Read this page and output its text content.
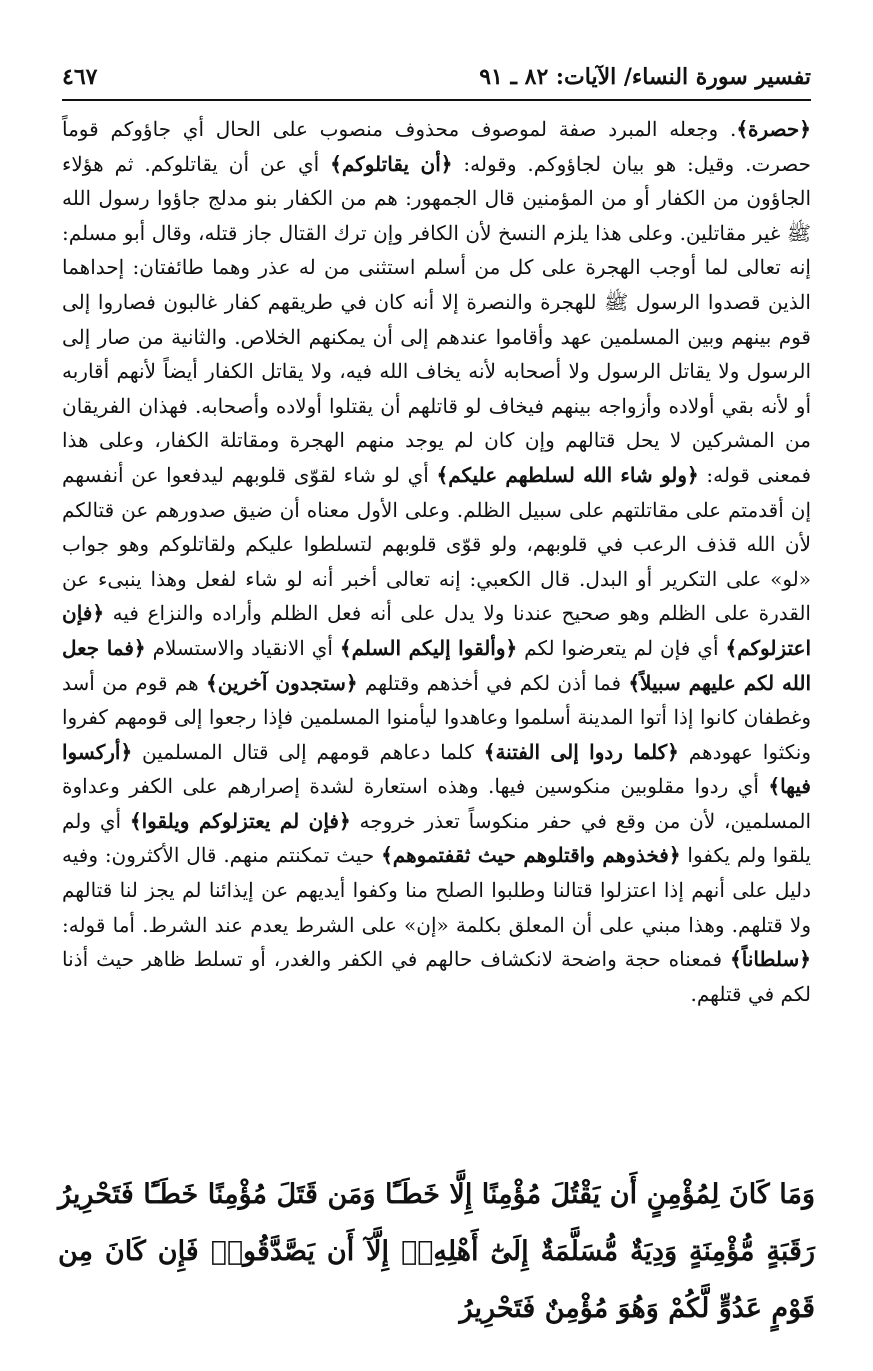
تفسير سورة النساء/ الآيات: ٨٢ ـ ٩١
٤٦٧

﴿حصرة﴾. وجعله المبرد صفة لموصوف محذوف منصوب على الحال أي جاؤوكم قوماً حصرت. وقيل: هو بيان لجاؤوكم. وقوله: ﴿أن يقاتلوكم﴾ أي عن أن يقاتلوكم. ثم هؤلاء الجاؤون من الكفار أو من المؤمنين قال الجمهور: هم من الكفار بنو مدلج جاؤوا رسول الله ﷺ غير مقاتلين. وعلى هذا يلزم النسخ لأن الكافر وإن ترك القتال جاز قتله، وقال أبو مسلم: إنه تعالى لما أوجب الهجرة على كل من أسلم استثنى من له عذر وهما طائفتان: إحداهما الذين قصدوا الرسول ﷺ للهجرة والنصرة إلا أنه كان في طريقهم كفار غالبون فصاروا إلى قوم بينهم وبين المسلمين عهد وأقاموا عندهم إلى أن يمكنهم الخلاص. والثانية من صار إلى الرسول ولا يقاتل الرسول ولا أصحابه لأنه يخاف الله فيه، ولا يقاتل الكفار أيضاً لأنهم أقاربه أو لأنه بقي أولاده وأزواجه بينهم فيخاف لو قاتلهم أن يقتلوا أولاده وأصحابه. فهذان الفريقان من المشركين لا يحل قتالهم وإن كان لم يوجد منهم الهجرة ومقاتلة الكفار، وعلى هذا فمعنى قوله: ﴿ولو شاء الله لسلطهم عليكم﴾ أي لو شاء لقوّى قلوبهم ليدفعوا عن أنفسهم إن أقدمتم على مقاتلتهم على سبيل الظلم. وعلى الأول معناه أن ضيق صدورهم عن قتالكم لأن الله قذف الرعب في قلوبهم، ولو قوّى قلوبهم لتسلطوا عليكم ولقاتلوكم وهو جواب «لو» على التكرير أو البدل. قال الكعبي: إنه تعالى أخبر أنه لو شاء لفعل وهذا ينبىء عن القدرة على الظلم وهو صحيح عندنا ولا يدل على أنه فعل الظلم وأراده والنزاع فيه ﴿فإن اعتزلوكم﴾ أي فإن لم يتعرضوا لكم ﴿وألقوا إليكم السلم﴾ أي الانقياد والاستسلام ﴿فما جعل الله لكم عليهم سبيلاً﴾ فما أذن لكم في أخذهم وقتلهم ﴿ستجدون آخرين﴾ هم قوم من أسد وغطفان كانوا إذا أتوا المدينة أسلموا وعاهدوا ليأمنوا المسلمين فإذا رجعوا إلى قومهم كفروا ونكثوا عهودهم ﴿كلما ردوا إلى الفتنة﴾ كلما دعاهم قومهم إلى قتال المسلمين ﴿أركسوا فيها﴾ أي ردوا مقلوبين منكوسين فيها. وهذه استعارة لشدة إصرارهم على الكفر وعداوة المسلمين، لأن من وقع في حفر منكوساً تعذر خروجه ﴿فإن لم يعتزلوكم ويلقوا﴾ أي ولم يلقوا ولم يكفوا ﴿فخذوهم واقتلوهم حيث ثقفتموهم﴾ حيث تمكنتم منهم. قال الأكثرون: وفيه دليل على أنهم إذا اعتزلوا قتالنا وطلبوا الصلح منا وكفوا أيديهم عن إيذائنا لم يجز لنا قتالهم ولا قتلهم. وهذا مبني على أن المعلق بكلمة «إن» على الشرط يعدم عند الشرط. أما قوله: ﴿سلطاناً﴾ فمعناه حجة واضحة لانكشاف حالهم في الكفر والغدر، أو تسلط ظاهر حيث أذنا لكم في قتلهم.

وَمَا كَانَ لِمُؤْمِنٍ أَن يَقْتُلَ مُؤْمِنًا إِلَّا خَطَـًٔا وَمَن قَتَلَ مُؤْمِنًا خَطَـًٔا فَتَحْرِيرُ رَقَبَةٍ مُّؤْمِنَةٍ وَدِيَةٌ مُّسَلَّمَةٌ إِلَىٰٓ أَهْلِهِۦٓ إِلَّآ أَن يَصَّدَّقُوا۟ فَإِن كَانَ مِن قَوْمٍ عَدُوٍّ لَّكُمْ وَهُوَ مُؤْمِنٌ فَتَحْرِيرُ
